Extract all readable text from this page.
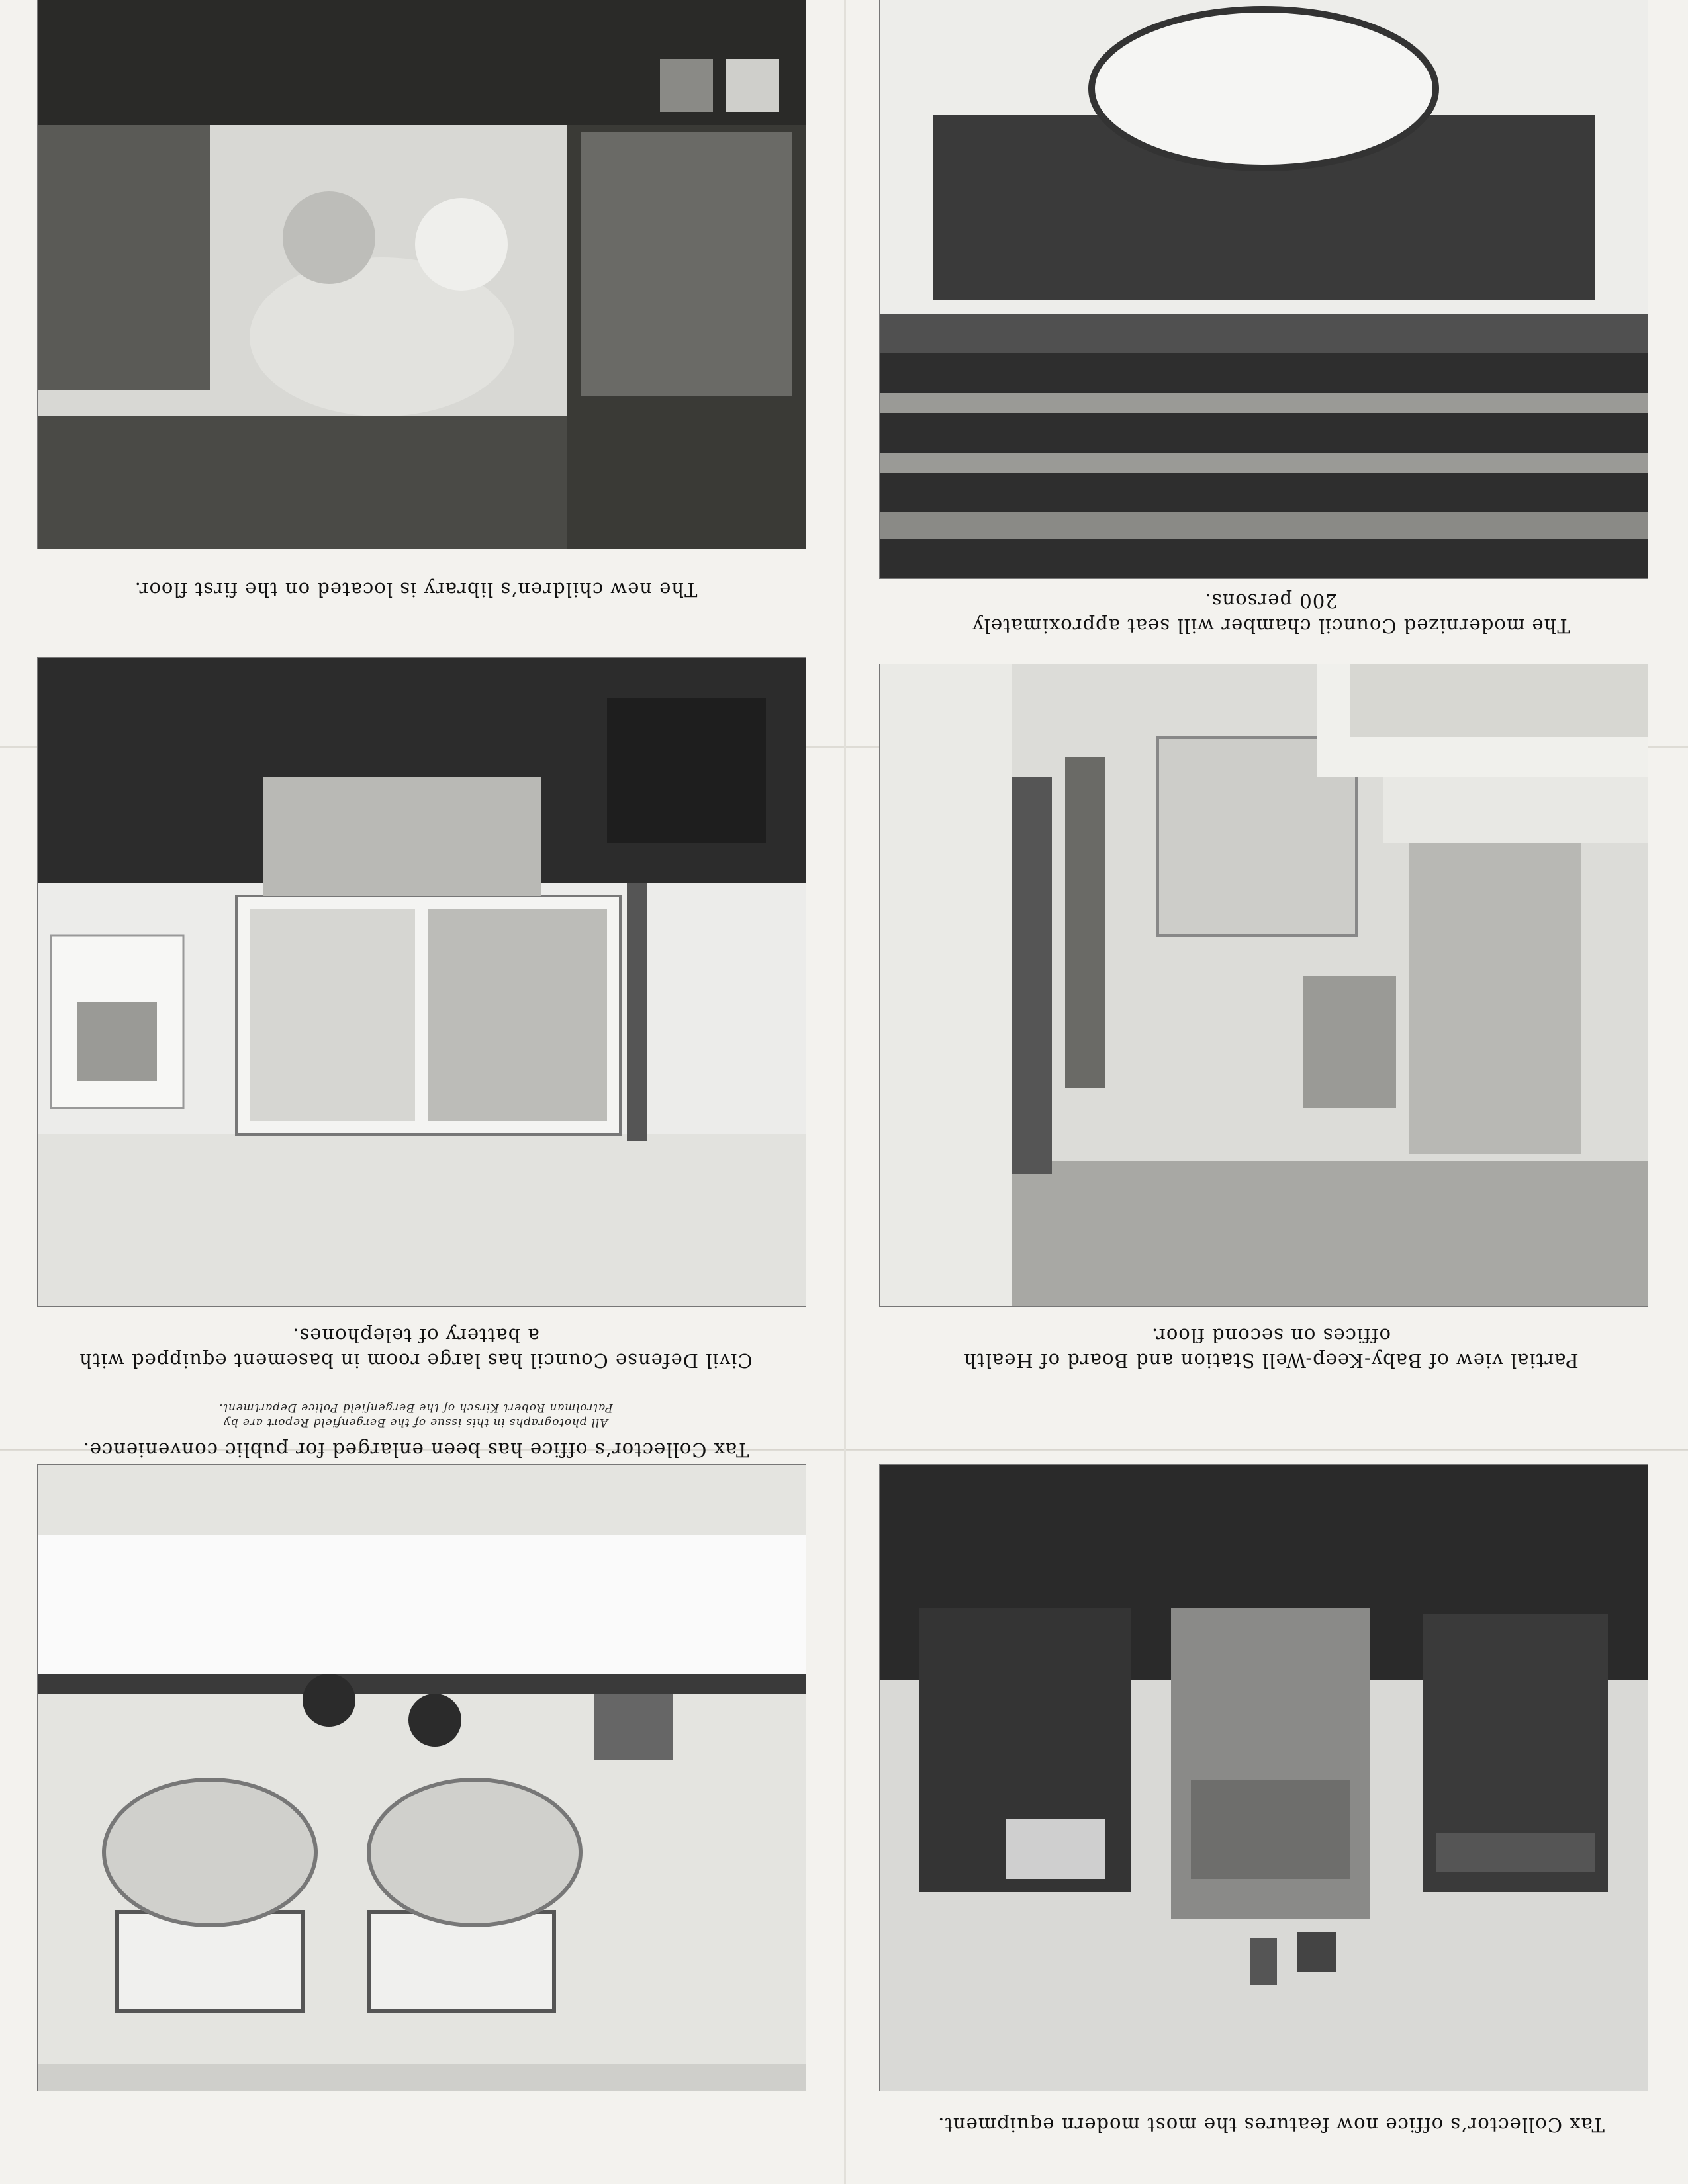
Tax Collector’s office now features the most modern equipment.
Tax Collector’s office has been enlarged for public convenience.
All photographs in this issue of the Bergenfield Report are by
Patrolman Robert Kirsch of the Bergenfield Police Department.
Partial view of Baby-Keep-Well Station and Board of Health
offices on second floor.
Civil Defense Council has large room in basement equipped with
a battery of telephones.
The modernized Council chamber will seat approximately
200 persons.
The new children’s library is located on the first floor.
